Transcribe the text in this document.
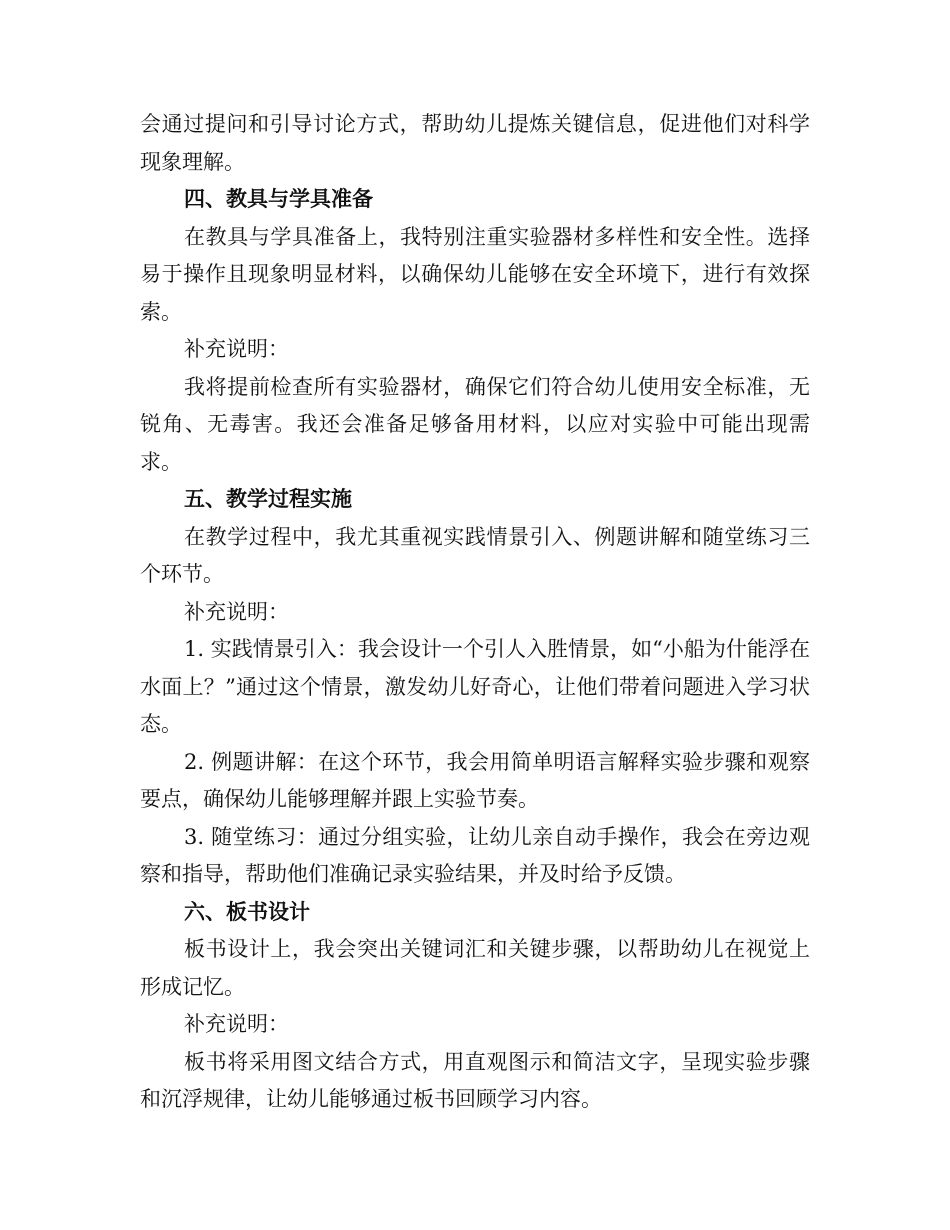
会通过提问和引导讨论方式，帮助幼儿提炼关键信息，促进他们对科学现象理解。

四、教具与学具准备

在教具与学具准备上，我特别注重实验器材多样性和安全性。选择易于操作且现象明显材料，以确保幼儿能够在安全环境下，进行有效探索。

补充说明：

我将提前检查所有实验器材，确保它们符合幼儿使用安全标准，无锐角、无毒害。我还会准备足够备用材料，以应对实验中可能出现需求。

五、教学过程实施

在教学过程中，我尤其重视实践情景引入、例题讲解和随堂练习三个环节。

补充说明：

1. 实践情景引入：我会设计一个引人入胜情景，如“小船为什能浮在水面上？”通过这个情景，激发幼儿好奇心，让他们带着问题进入学习状态。

2. 例题讲解：在这个环节，我会用简单明语言解释实验步骤和观察要点，确保幼儿能够理解并跟上实验节奏。

3. 随堂练习：通过分组实验，让幼儿亲自动手操作，我会在旁边观察和指导，帮助他们准确记录实验结果，并及时给予反馈。

六、板书设计

板书设计上，我会突出关键词汇和关键步骤，以帮助幼儿在视觉上形成记忆。

补充说明：

板书将采用图文结合方式，用直观图示和简洁文字，呈现实验步骤和沉浮规律，让幼儿能够通过板书回顾学习内容。
